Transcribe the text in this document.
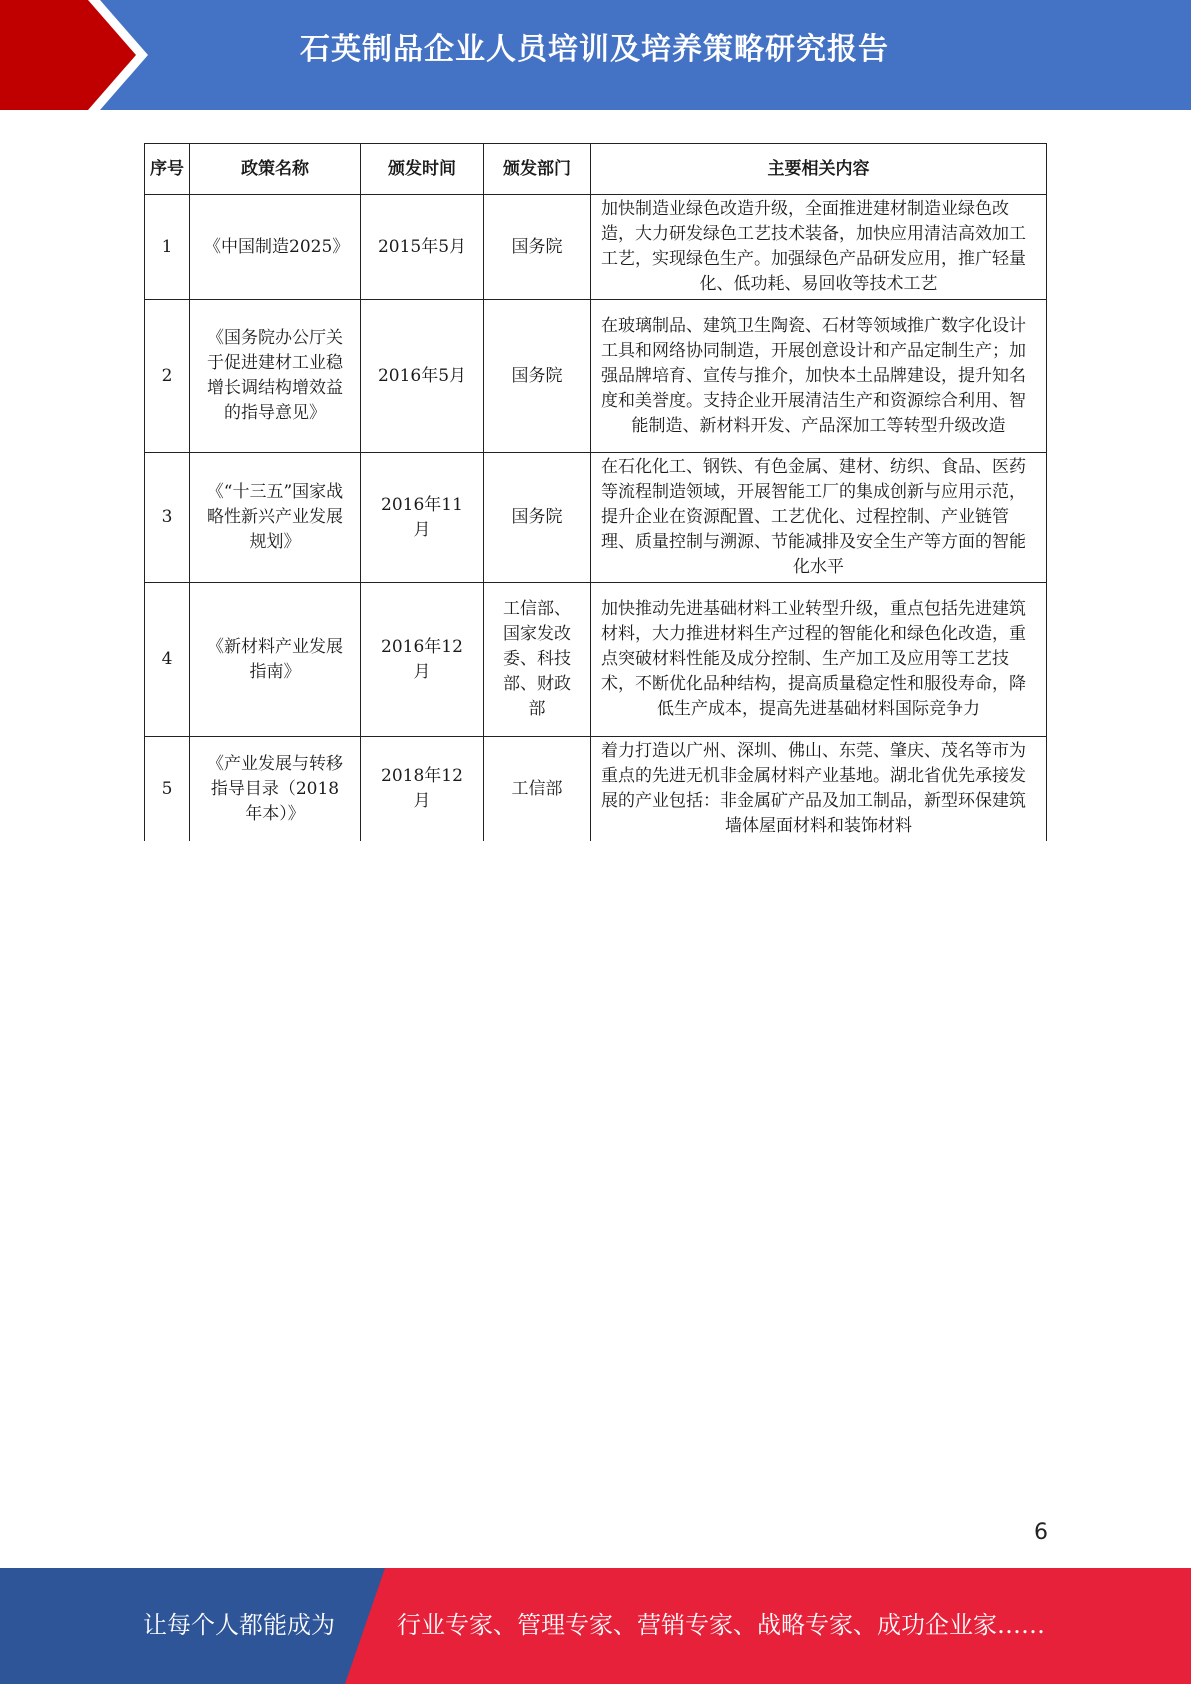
石英制品企业人员培训及培养策略研究报告
序号	政策名称	颁发时间	颁发部门	主要相关内容
1	《中国制造2025》	2015年5月	国务院	加快制造业绿色改造升级，全面推进建材制造业绿色改造，大力研发绿色工艺技术装备，加快应用清洁高效加工工艺，实现绿色生产。加强绿色产品研发应用，推广轻量化、低功耗、易回收等技术工艺
2	《国务院办公厅关于促进建材工业稳增长调结构增效益的指导意见》	2016年5月	国务院	在玻璃制品、建筑卫生陶瓷、石材等领域推广数字化设计工具和网络协同制造，开展创意设计和产品定制生产；加强品牌培育、宣传与推介，加快本土品牌建设，提升知名度和美誉度。支持企业开展清洁生产和资源综合利用、智能制造、新材料开发、产品深加工等转型升级改造
3	《“十三五”国家战略性新兴产业发展规划》	2016年11月	国务院	在石化化工、钢铁、有色金属、建材、纺织、食品、医药等流程制造领域，开展智能工厂的集成创新与应用示范，提升企业在资源配置、工艺优化、过程控制、产业链管理、质量控制与溯源、节能减排及安全生产等方面的智能化水平
4	《新材料产业发展指南》	2016年12月	工信部、国家发改委、科技部、财政部	加快推动先进基础材料工业转型升级，重点包括先进建筑材料，大力推进材料生产过程的智能化和绿色化改造，重点突破材料性能及成分控制、生产加工及应用等工艺技术，不断优化品种结构，提高质量稳定性和服役寿命，降低生产成本，提高先进基础材料国际竞争力
5	《产业发展与转移指导目录（2018年本）》	2018年12月	工信部	着力打造以广州、深圳、佛山、东莞、肇庆、茂名等市为重点的先进无机非金属材料产业基地。湖北省优先承接发展的产业包括：非金属矿产品及加工制品，新型环保建筑墙体屋面材料和装饰材料
6
让每个人都能成为	行业专家、管理专家、营销专家、战略专家、成功企业家……
